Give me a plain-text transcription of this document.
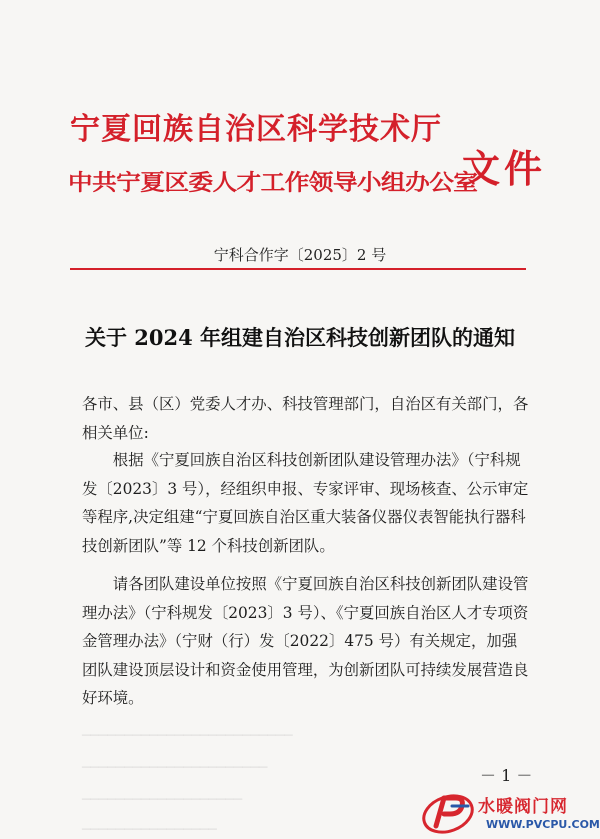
宁夏回族自治区科学技术厅
中共宁夏区委人才工作领导小组办公室
文件
宁科合作字〔2025〕2 号
关于 2024 年组建自治区科技创新团队的通知
各市、县（区）党委人才办、科技管理部门，自治区有关部门，各相关单位:
根据《宁夏回族自治区科技创新团队建设管理办法》（宁科规发〔2023〕3 号），经组织申报、专家评审、现场核查、公示审定等程序,决定组建“宁夏回族自治区重大装备仪器仪表智能执行器科技创新团队”等 12 个科技创新团队。
请各团队建设单位按照《宁夏回族自治区科技创新团队建设管理办法》（宁科规发〔2023〕3 号）、《宁夏回族自治区人才专项资金管理办法》（宁财（行）发〔2022〕475 号）有关规定，加强团队建设顶层设计和资金使用管理，为创新团队可持续发展营造良好环境。
─────────────────────────
──────────────────────
───────────────────
────────────────
－ 1 －
水暖阀门网
WWW.PVCPU.COM
